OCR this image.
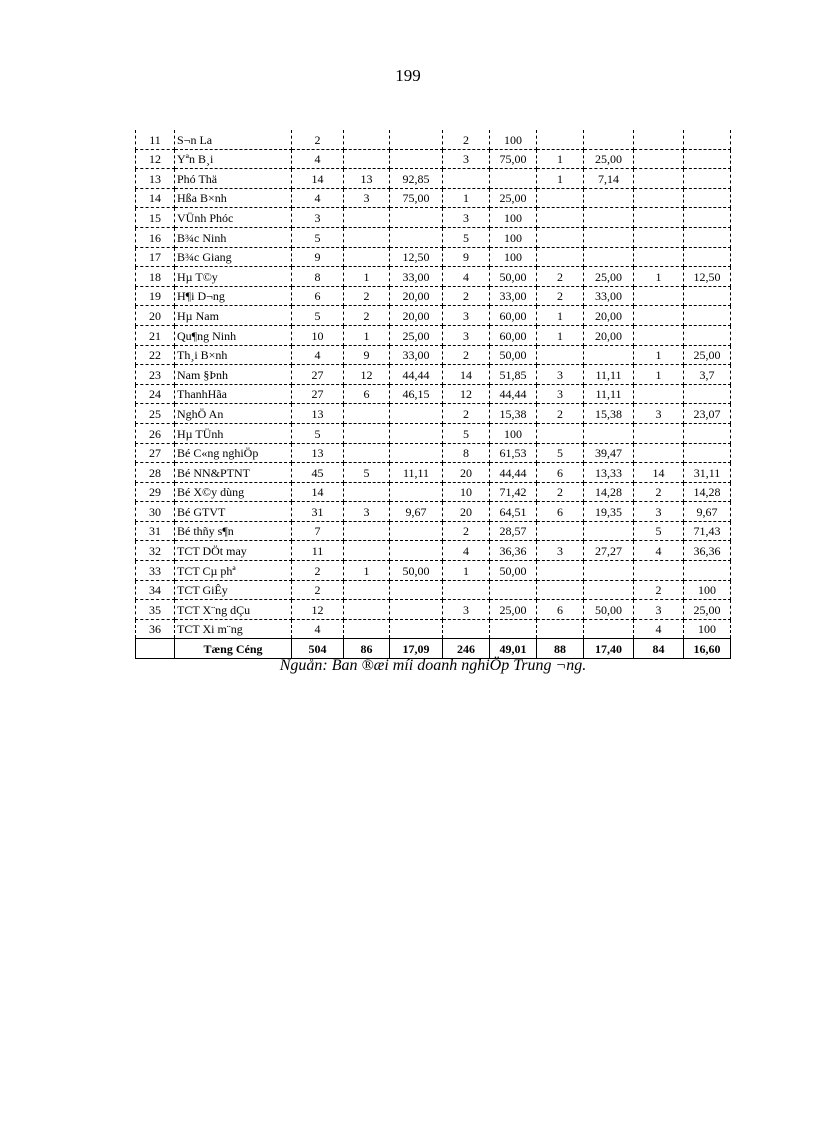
199
11	S¬n La	2			2	100				
12	Yªn B¸i	4			3	75,00	1	25,00		
13	Phó Thä	14	13	92,85			1	7,14		
14	Hßa B×nh	4	3	75,00	1	25,00				
15	VÜnh Phóc	3			3	100				
16	B¾c Ninh	5			5	100				
17	B¾c Giang	9		12,50	9	100				
18	Hµ T©y	8	1	33,00	4	50,00	2	25,00	1	12,50
19	H¶i D¬ng	6	2	20,00	2	33,00	2	33,00		
20	Hµ Nam	5	2	20,00	3	60,00	1	20,00		
21	Qu¶ng Ninh	10	1	25,00	3	60,00	1	20,00		
22	Th¸i B×nh	4	9	33,00	2	50,00			1	25,00
23	Nam §Þnh	27	12	44,44	14	51,85	3	11,11	1	3,7
24	ThanhHãa	27	6	46,15	12	44,44	3	11,11		
25	NghÖ An	13			2	15,38	2	15,38	3	23,07
26	Hµ TÜnh	5			5	100				
27	Bé C«ng nghiÖp	13			8	61,53	5	39,47		
28	Bé NN&PTNT	45	5	11,11	20	44,44	6	13,33	14	31,11
29	Bé X©y dùng	14			10	71,42	2	14,28	2	14,28
30	Bé GTVT	31	3	9,67	20	64,51	6	19,35	3	9,67
31	Bé thñy s¶n	7			2	28,57			5	71,43
32	TCT DÖt may	11			4	36,36	3	27,27	4	36,36
33	TCT Cµ phª	2	1	50,00	1	50,00				
34	TCT GiÊy	2							2	100
35	TCT X¨ng dÇu	12			3	25,00	6	50,00	3	25,00
36	TCT Xi m¨ng	4							4	100
	Tæng Céng	504	86	17,09	246	49,01	88	17,40	84	16,60
Nguån: Ban ®æi míi doanh nghiÖp Trung ¬ng.
